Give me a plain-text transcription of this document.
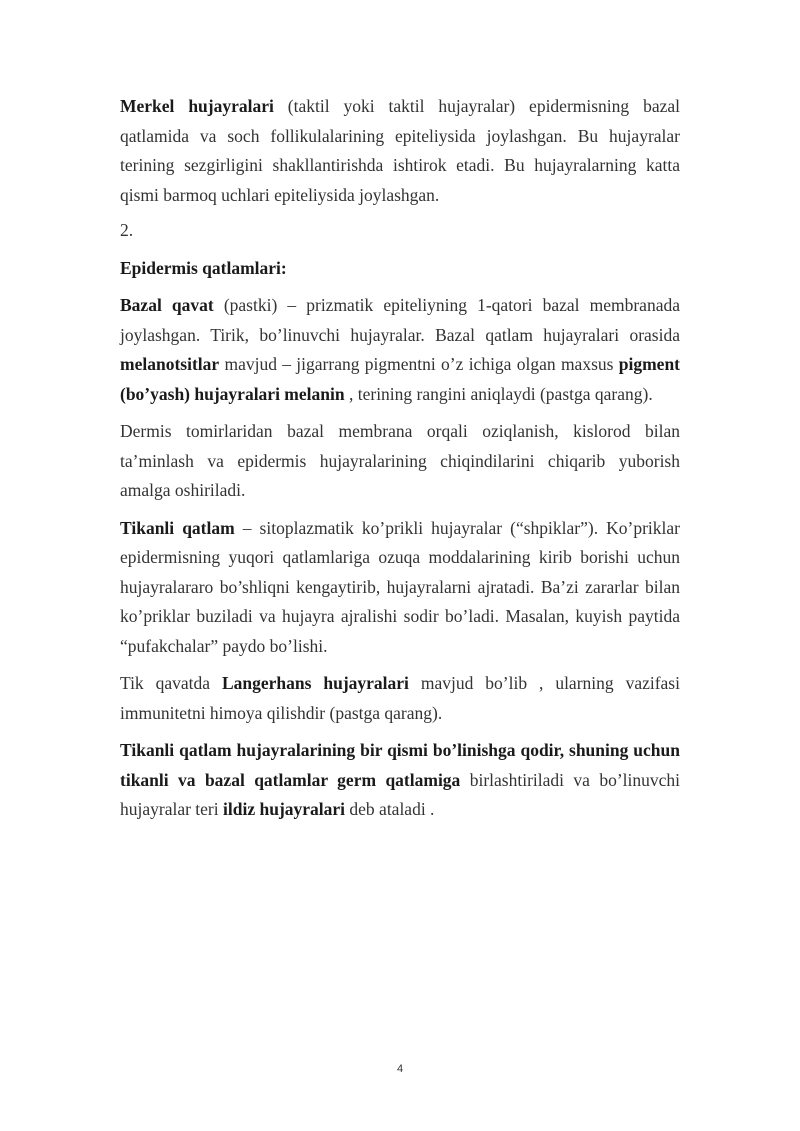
Merkel hujayralari (taktil yoki taktil hujayralar) epidermisning bazal qatlamida va soch follikulalarining epiteliysida joylashgan. Bu hujayralar terining sezgirligini shakllantirishda ishtirok etadi. Bu hujayralarning katta qismi barmoq uchlari epiteliysida joylashgan.

2.

Epidermis qatlamlari:

Bazal qavat (pastki) – prizmatik epiteliyning 1-qatori bazal membranada joylashgan. Tirik, bo’linuvchi hujayralar. Bazal qatlam hujayralari orasida melanotsitlar mavjud – jigarrang pigmentni o’z ichiga olgan maxsus pigment (bo’yash) hujayralari melanin , terining rangini aniqlaydi (pastga qarang).

Dermis tomirlaridan bazal membrana orqali oziqlanish, kislorod bilan ta’minlash va epidermis hujayralarining chiqindilarini chiqarib yuborish amalga oshiriladi.

Tikanli qatlam – sitoplazmatik ko’prikli hujayralar (“shpiklar”). Ko’priklar epidermisning yuqori qatlamlariga ozuqa moddalarining kirib borishi uchun hujayralararo bo’shliqni kengaytirib, hujayralarni ajratadi. Ba’zi zararlar bilan ko’priklar buziladi va hujayra ajralishi sodir bo’ladi. Masalan, kuyish paytida “pufakchalar” paydo bo’lishi.

Tik qavatda Langerhans hujayralari mavjud bo’lib , ularning vazifasi immunitetni himoya qilishdir (pastga qarang).

Tikanli qatlam hujayralarining bir qismi bo’linishga qodir, shuning uchun tikanli va bazal qatlamlar germ qatlamiga birlashtiriladi va bo’linuvchi hujayralar teri ildiz hujayralari deb ataladi .

4
